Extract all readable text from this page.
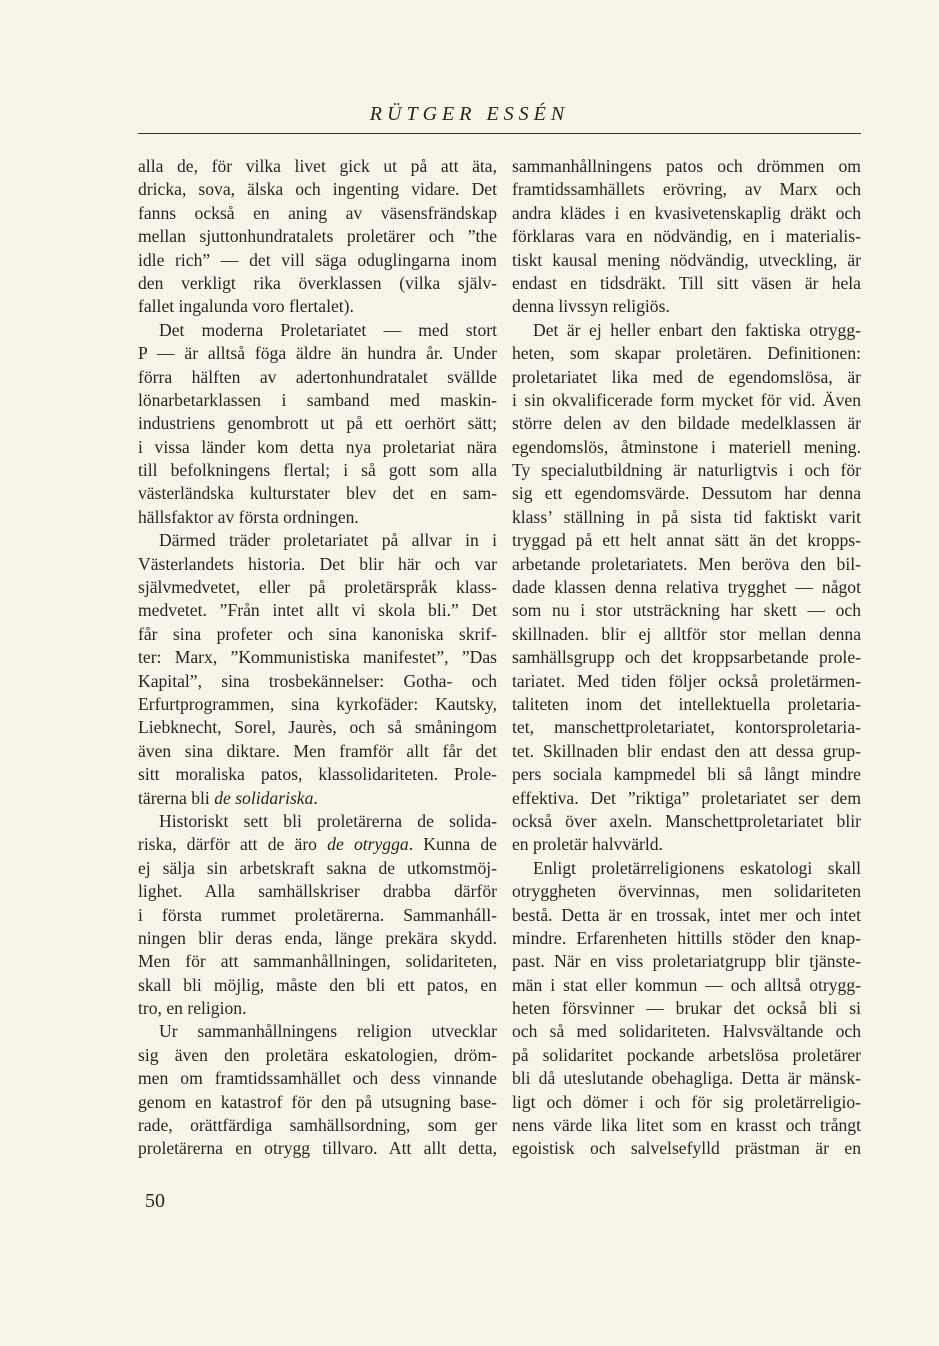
RÜTGER ESSÉN
alla de, för vilka livet gick ut på att äta,
dricka, sova, älska och ingenting vidare. Det
fanns också en aning av väsensfrändskap
mellan sjuttonhundratalets proletärer och ”the
idle rich” — det vill säga oduglingarna inom
den verkligt rika överklassen (vilka själv-
fallet ingalunda voro flertalet).
Det moderna Proletariatet — med stort
P — är alltså föga äldre än hundra år. Under
förra hälften av adertonhundratalet svällde
lönarbetarklassen i samband med maskin-
industriens genombrott ut på ett oerhört sätt;
i vissa länder kom detta nya proletariat nära
till befolkningens flertal; i så gott som alla
västerländska kulturstater blev det en sam-
hällsfaktor av första ordningen.
Därmed träder proletariatet på allvar in i
Västerlandets historia. Det blir här och var
självmedvetet, eller på proletärspråk klass-
medvetet. ”Från intet allt vi skola bli.” Det
får sina profeter och sina kanoniska skrif-
ter: Marx, ”Kommunistiska manifestet”, ”Das
Kapital”, sina trosbekännelser: Gotha- och
Erfurtprogrammen, sina kyrkofäder: Kautsky,
Liebknecht, Sorel, Jaurès, och så småningom
även sina diktare. Men framför allt får det
sitt moraliska patos, klassolidariteten. Prole-
tärerna bli de solidariska.
Historiskt sett bli proletärerna de solida-
riska, därför att de äro de otrygga. Kunna de
ej sälja sin arbetskraft sakna de utkomstmöj-
lighet. Alla samhällskriser drabba därför
i första rummet proletärerna. Sammanháll-
ningen blir deras enda, länge prekära skydd.
Men för att sammanhållningen, solidariteten,
skall bli möjlig, måste den bli ett patos, en
tro, en religion.
Ur sammanhållningens religion utvecklar
sig även den proletära eskatologien, dröm-
men om framtidssamhället och dess vinnande
genom en katastrof för den på utsugning base-
rade, orättfärdiga samhällsordning, som ger
proletärerna en otrygg tillvaro. Att allt detta,
sammanhållningens patos och drömmen om
framtidssamhällets erövring, av Marx och
andra klädes i en kvasivetenskaplig dräkt och
förklaras vara en nödvändig, en i materialis-
tiskt kausal mening nödvändig, utveckling, är
endast en tidsdräkt. Till sitt väsen är hela
denna livssyn religiös.
Det är ej heller enbart den faktiska otrygg-
heten, som skapar proletären. Definitionen:
proletariatet lika med de egendomslösa, är
i sin okvalificerade form mycket för vid. Även
större delen av den bildade medelklassen är
egendomslös, åtminstone i materiell mening.
Ty specialutbildning är naturligtvis i och för
sig ett egendomsvärde. Dessutom har denna
klass’ ställning in på sista tid faktiskt varit
tryggad på ett helt annat sätt än det kropps-
arbetande proletariatets. Men beröva den bil-
dade klassen denna relativa trygghet — något
som nu i stor utsträckning har skett — och
skillnaden. blir ej alltför stor mellan denna
samhällsgrupp och det kroppsarbetande prole-
tariatet. Med tiden följer också proletärmen-
taliteten inom det intellektuella proletaria-
tet, manschettproletariatet, kontorsproletaria-
tet. Skillnaden blir endast den att dessa grup-
pers sociala kampmedel bli så långt mindre
effektiva. Det ”riktiga” proletariatet ser dem
också över axeln. Manschettproletariatet blir
en proletär halvvärld.
Enligt proletärreligionens eskatologi skall
otryggheten övervinnas, men solidariteten
bestå. Detta är en trossak, intet mer och intet
mindre. Erfarenheten hittills stöder den knap-
past. När en viss proletariatgrupp blir tjänste-
män i stat eller kommun — och alltså otrygg-
heten försvinner — brukar det också bli si
och så med solidariteten. Halvsvältande och
på solidaritet pockande arbetslösa proletärer
bli då uteslutande obehagliga. Detta är mänsk-
ligt och dömer i och för sig proletärreligio-
nens värde lika litet som en krasst och trångt
egoistisk och salvelsefylld prästman är en
50
